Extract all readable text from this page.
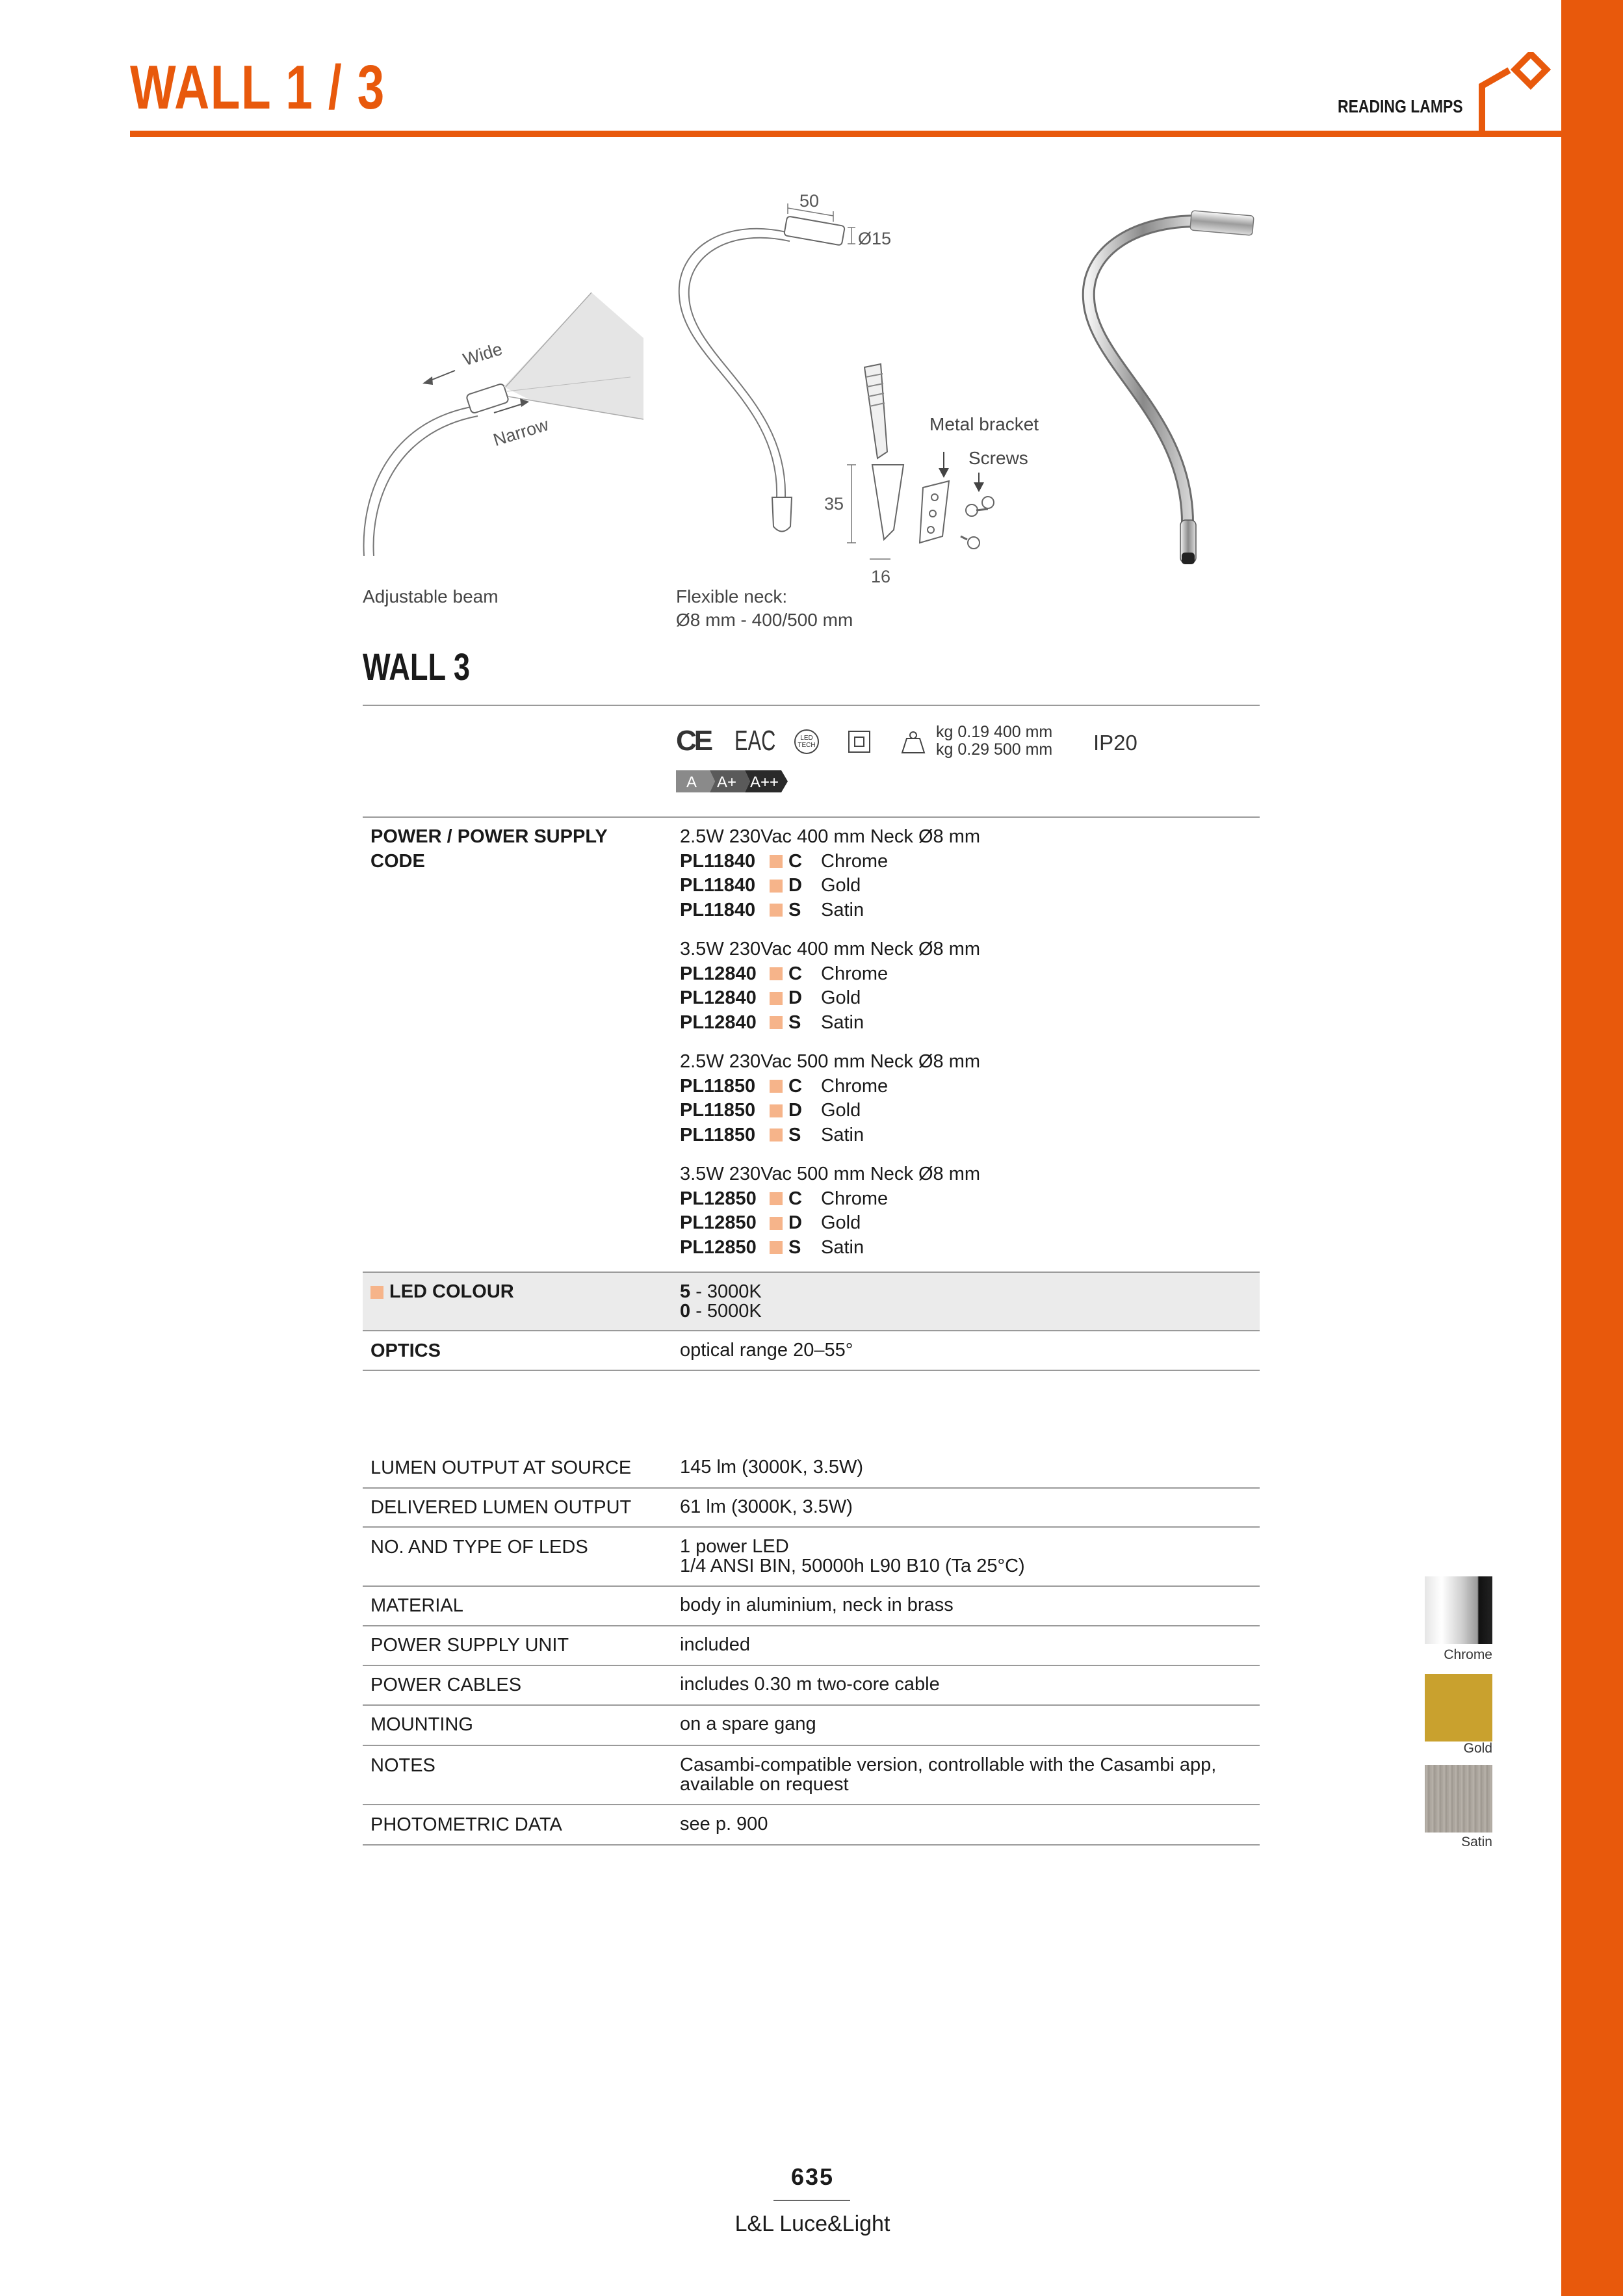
WALL 1 / 3	READING LAMPS
Wide
Narrow
Adjustable beam
50
Ø15
35
16
Metal bracket
Screws
Flexible neck:
Ø8 mm - 400/500 mm
WALL 3
CE EAC	LED
TECH
kg 0.19 400 mm
kg 0.29 500 mm IP20
A A+ A++
POWER / POWER SUPPLY
CODE
2.5W 230Vac 400 mm Neck Ø8 mm
PL11840	C	Chrome
PL11840	D	Gold
PL11840	S	Satin
3.5W 230Vac 400 mm Neck Ø8 mm
PL12840	C	Chrome
PL12840	D	Gold
PL12840	S	Satin
2.5W 230Vac 500 mm Neck Ø8 mm
PL11850	C	Chrome
PL11850	D	Gold
PL11850	S	Satin
3.5W 230Vac 500 mm Neck Ø8 mm
PL12850	C	Chrome
PL12850	D	Gold
PL12850	S	Satin
LED COLOUR	5 - 3000K
0 - 5000K
OPTICS	optical range 20–55°
LUMEN OUTPUT AT SOURCE	145 lm (3000K, 3.5W)
DELIVERED LUMEN OUTPUT	61 lm (3000K, 3.5W)
NO. AND TYPE OF LEDS	1 power LED
1/4 ANSI BIN, 50000h L90 B10 (Ta 25°C)
MATERIAL	body in aluminium, neck in brass
POWER SUPPLY UNIT	included
POWER CABLES	includes 0.30 m two-core cable
MOUNTING	on a spare gang
NOTES	Casambi-compatible version, controllable with the Casambi app,
available on request
PHOTOMETRIC DATA	see p. 900
Chrome
Gold
Satin
635
L&L Luce&Light
